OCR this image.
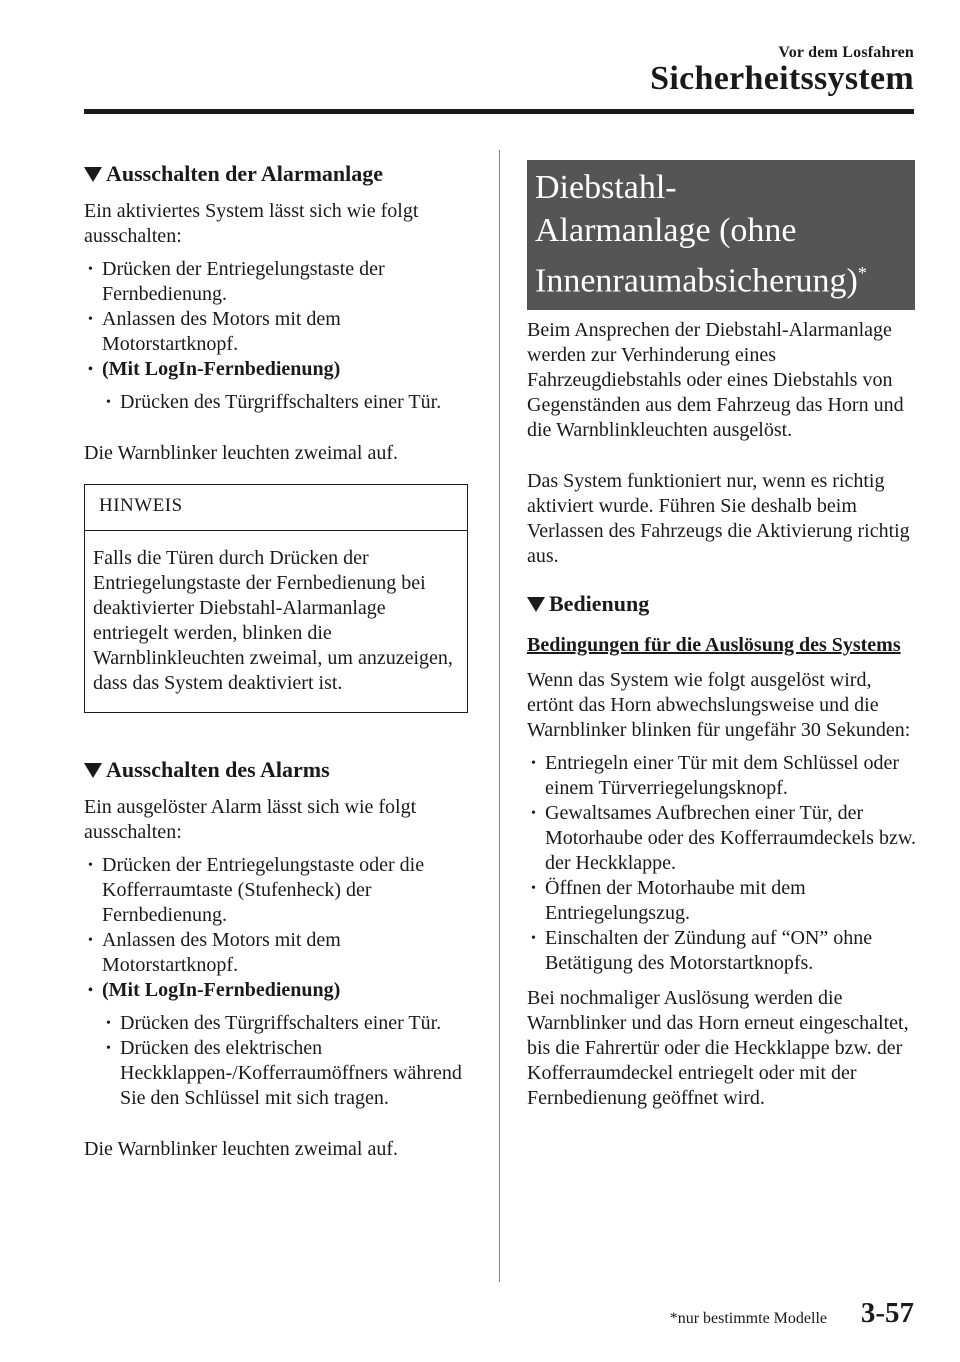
Vor dem Losfahren
Sicherheitssystem
Ausschalten der Alarmanlage

Ein aktiviertes System lässt sich wie folgt ausschalten:

• Drücken der Entriegelungstaste der Fernbedienung.
• Anlassen des Motors mit dem Motorstartknopf.
• (Mit LogIn-Fernbedienung)
• Drücken des Türgriffschalters einer Tür.

Die Warnblinker leuchten zweimal auf.

HINWEIS
Falls die Türen durch Drücken der Entriegelungstaste der Fernbedienung bei deaktivierter Diebstahl-Alarmanlage entriegelt werden, blinken die Warnblinkleuchten zweimal, um anzuzeigen, dass das System deaktiviert ist.
Ausschalten des Alarms

Ein ausgelöster Alarm lässt sich wie folgt ausschalten:

• Drücken der Entriegelungstaste oder die Kofferraumtaste (Stufenheck) der Fernbedienung.
• Anlassen des Motors mit dem Motorstartknopf.
• (Mit LogIn-Fernbedienung)
• Drücken des Türgriffschalters einer Tür.
• Drücken des elektrischen Heckklappen-/Kofferraumöffners während Sie den Schlüssel mit sich tragen.

Die Warnblinker leuchten zweimal auf.

Diebstahl-
Alarmanlage (ohne
Innenraumabsicherung)*

Beim Ansprechen der Diebstahl-Alarmanlage werden zur Verhinderung eines Fahrzeugdiebstahls oder eines Diebstahls von Gegenständen aus dem Fahrzeug das Horn und die Warnblinkleuchten ausgelöst.

Das System funktioniert nur, wenn es richtig aktiviert wurde. Führen Sie deshalb beim Verlassen des Fahrzeugs die Aktivierung richtig aus.

Bedienung

Bedingungen für die Auslösung des Systems

Wenn das System wie folgt ausgelöst wird, ertönt das Horn abwechslungsweise und die Warnblinker blinken für ungefähr 30 Sekunden:

• Entriegeln einer Tür mit dem Schlüssel oder einem Türverriegelungsknopf.
• Gewaltsames Aufbrechen einer Tür, der Motorhaube oder des Kofferraumdeckels bzw. der Heckklappe.
• Öffnen der Motorhaube mit dem Entriegelungszug.
• Einschalten der Zündung auf “ON” ohne Betätigung des Motorstartknopfs.

Bei nochmaliger Auslösung werden die Warnblinker und das Horn erneut eingeschaltet, bis die Fahrertür oder die Heckklappe bzw. der Kofferraumdeckel entriegelt oder mit der Fernbedienung geöffnet wird.

*nur bestimmte Modelle 3-57
